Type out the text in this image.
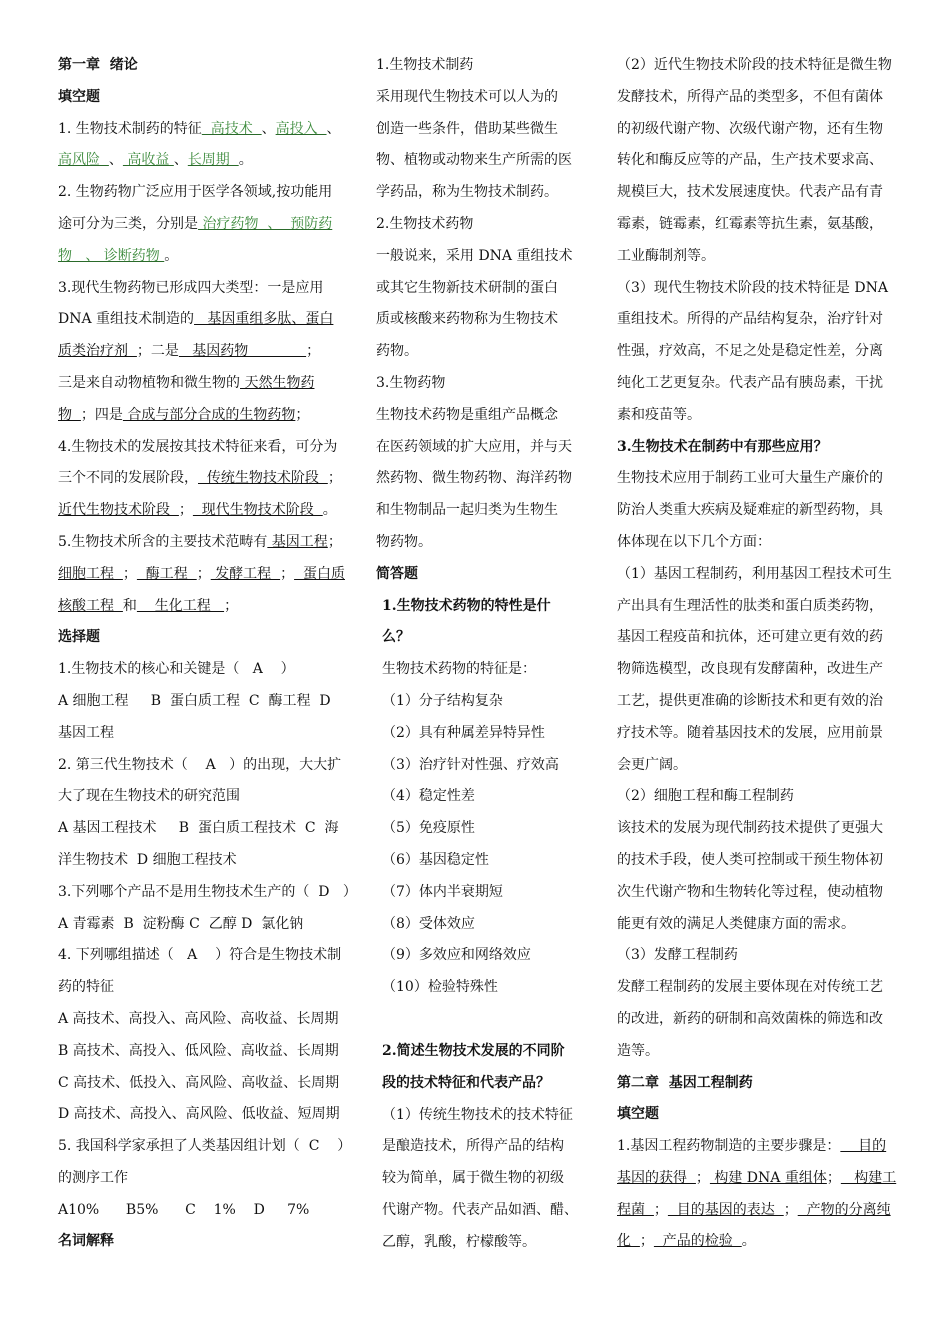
第一章  绪论
填空题
1. 生物技术制药的特征  高技术  、高投入  、
高风险  、 高收益 、长周期  。
2. 生物药物广泛应用于医学各领域,按功能用
途可分为三类，分别是 治疗药物  、  预防药
物   、 诊断药物 。
3.现代生物药物已形成四大类型：一是应用
DNA 重组技术制造的   基因重组多肽、蛋白
质类治疗剂  ；二是   基因药物             ；
三是来自动物植物和微生物的 天然生物药
物  ；四是 合成与部分合成的生物药物；
4.生物技术的发展按其技术特征来看，可分为
三个不同的发展阶段，  传统生物技术阶段  ；
近代生物技术阶段  ；  现代生物技术阶段  。
5.生物技术所含的主要技术范畴有 基因工程；
细胞工程  ；  酶工程  ； 发酵工程  ；  蛋白质
核酸工程  和    生化工程   ；
选择题
1.生物技术的核心和关键是（   A    ）
A 细胞工程     B  蛋白质工程  C  酶工程  D
基因工程
2. 第三代生物技术（    A   ）的出现，大大扩
大了现在生物技术的研究范围
A 基因工程技术     B  蛋白质工程技术  C  海
洋生物技术  D 细胞工程技术
3.下列哪个产品不是用生物技术生产的（  D   ）
A 青霉素  B  淀粉酶 C  乙醇 D  氯化钠
4. 下列哪组描述（   A    ）符合是生物技术制
药的特征
A 高技术、高投入、高风险、高收益、长周期
B 高技术、高投入、低风险、高收益、长周期
C 高技术、低投入、高风险、高收益、长周期
D 高技术、高投入、高风险、低收益、短周期
5. 我国科学家承担了人类基因组计划（  C    ）
的测序工作
A10%      B5%      C    1%    D     7%
名词解释
1.生物技术制药
采用现代生物技术可以人为的
创造一些条件，借助某些微生
物、植物或动物来生产所需的医
学药品，称为生物技术制药。
2.生物技术药物
一般说来，采用 DNA 重组技术
或其它生物新技术研制的蛋白
质或核酸来药物称为生物技术
药物。
3.生物药物
生物技术药物是重组产品概念
在医药领域的扩大应用，并与天
然药物、微生物药物、海洋药物
和生物制品一起归类为生物生
物药物。
简答题
1.生物技术药物的特性是什
么？
生物技术药物的特征是：
（1）分子结构复杂
（2）具有种属差异特异性
（3）治疗针对性强、疗效高
（4）稳定性差
（5）免疫原性
（6）基因稳定性
（7）体内半衰期短
（8）受体效应
（9）多效应和网络效应
（10）检验特殊性
2.简述生物技术发展的不同阶
段的技术特征和代表产品？
（1）传统生物技术的技术特征
是酿造技术，所得产品的结构
较为简单，属于微生物的初级
代谢产物。代表产品如酒、醋、
乙醇，乳酸，柠檬酸等。
（2）近代生物技术阶段的技术特征是微生物
发酵技术，所得产品的类型多，不但有菌体
的初级代谢产物、次级代谢产物，还有生物
转化和酶反应等的产品，生产技术要求高、
规模巨大，技术发展速度快。代表产品有青
霉素，链霉素，红霉素等抗生素，氨基酸，
工业酶制剂等。
（3）现代生物技术阶段的技术特征是 DNA
重组技术。所得的产品结构复杂，治疗针对
性强，疗效高，不足之处是稳定性差，分离
纯化工艺更复杂。代表产品有胰岛素，干扰
素和疫苗等。
3.生物技术在制药中有那些应用？
生物技术应用于制药工业可大量生产廉价的
防治人类重大疾病及疑难症的新型药物，具
体体现在以下几个方面：
（1）基因工程制药，利用基因工程技术可生
产出具有生理活性的肽类和蛋白质类药物，
基因工程疫苗和抗体，还可建立更有效的药
物筛选模型，改良现有发酵菌种，改进生产
工艺，提供更准确的诊断技术和更有效的治
疗技术等。随着基因技术的发展，应用前景
会更广阔。
（2）细胞工程和酶工程制药
该技术的发展为现代制药技术提供了更强大
的技术手段，使人类可控制或干预生物体初
次生代谢产物和生物转化等过程，使动植物
能更有效的满足人类健康方面的需求。
（3）发酵工程制药
发酵工程制药的发展主要体现在对传统工艺
的改进，新药的研制和高效菌株的筛选和改
造等。
第二章  基因工程制药
填空题
1.基因工程药物制造的主要步骤是：    目的
基因的获得  ； 构建 DNA 重组体；   构建工
程菌  ；  目的基因的表达  ；  产物的分离纯
化  ；  产品的检验  。
